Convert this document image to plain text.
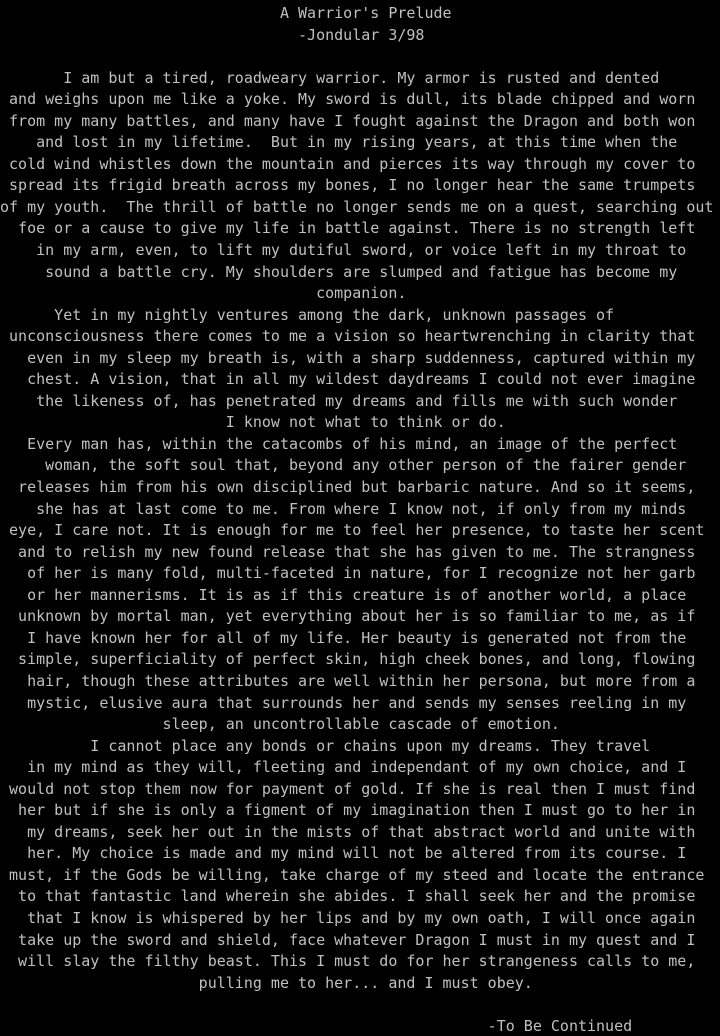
A Warrior's Prelude
-Jondular 3/98
I am but a tired, roadweary warrior. My armor is rusted and dented
and weighs upon me like a yoke. My sword is dull, its blade chipped and worn
from my many battles, and many have I fought against the Dragon and both won
and lost in my lifetime.  But in my rising years, at this time when the
cold wind whistles down the mountain and pierces its way through my cover to
spread its frigid breath across my bones, I no longer hear the same trumpets
of my youth.  The thrill of battle no longer sends me on a quest, searching out
foe or a cause to give my life in battle against. There is no strength left
in my arm, even, to lift my dutiful sword, or voice left in my throat to
sound a battle cry. My shoulders are slumped and fatigue has become my
companion.
Yet in my nightly ventures among the dark, unknown passages of
unconsciousness there comes to me a vision so heartwrenching in clarity that
even in my sleep my breath is, with a sharp suddenness, captured within my
chest. A vision, that in all my wildest daydreams I could not ever imagine
the likeness of, has penetrated my dreams and fills me with such wonder
I know not what to think or do.
Every man has, within the catacombs of his mind, an image of the perfect
woman, the soft soul that, beyond any other person of the fairer gender
releases him from his own disciplined but barbaric nature. And so it seems,
she has at last come to me. From where I know not, if only from my minds
eye, I care not. It is enough for me to feel her presence, to taste her scent
and to relish my new found release that she has given to me. The strangness
of her is many fold, multi-faceted in nature, for I recognize not her garb
or her mannerisms. It is as if this creature is of another world, a place
unknown by mortal man, yet everything about her is so familiar to me, as if
I have known her for all of my life. Her beauty is generated not from the
simple, superficiality of perfect skin, high cheek bones, and long, flowing
hair, though these attributes are well within her persona, but more from a
mystic, elusive aura that surrounds her and sends my senses reeling in my
sleep, an uncontrollable cascade of emotion.
I cannot place any bonds or chains upon my dreams. They travel
in my mind as they will, fleeting and independant of my own choice, and I
would not stop them now for payment of gold. If she is real then I must find
her but if she is only a figment of my imagination then I must go to her in
my dreams, seek her out in the mists of that abstract world and unite with
her. My choice is made and my mind will not be altered from its course. I
must, if the Gods be willing, take charge of my steed and locate the entrance
to that fantastic land wherein she abides. I shall seek her and the promise
that I know is whispered by her lips and by my own oath, I will once again
take up the sword and shield, face whatever Dragon I must in my quest and I
will slay the filthy beast. This I must do for her strangeness calls to me,
pulling me to her... and I must obey.
-To Be Continued
